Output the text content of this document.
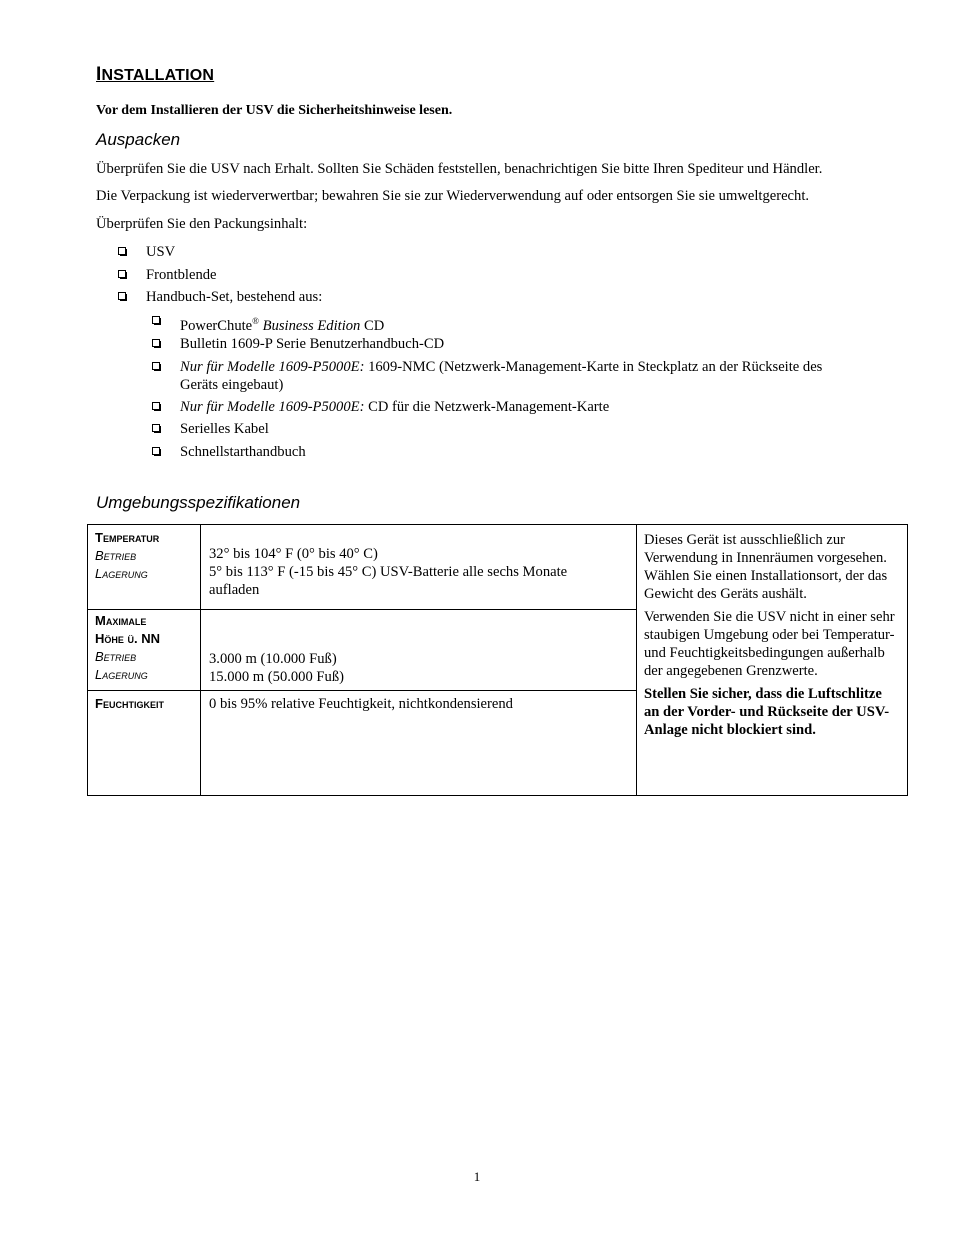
INSTALLATION

Vor dem Installieren der USV die Sicherheitshinweise lesen.

Auspacken

Überprüfen Sie die USV nach Erhalt. Sollten Sie Schäden feststellen, benachrichtigen Sie bitte Ihren Spediteur und Händler.

Die Verpackung ist wiederverwertbar; bewahren Sie sie zur Wiederverwendung auf oder entsorgen Sie sie umweltgerecht.

Überprüfen Sie den Packungsinhalt:

USV
Frontblende
Handbuch-Set, bestehend aus:
PowerChute® Business Edition CD
Bulletin 1609-P Serie Benutzerhandbuch-CD
Nur für Modelle 1609-P5000E: 1609-NMC (Netzwerk-Management-Karte in Steckplatz an der Rückseite des
Geräts eingebaut)
Nur für Modelle 1609-P5000E: CD für die Netzwerk-Management-Karte
Serielles Kabel
Schnellstarthandbuch
Umgebungsspezifikationen
Temperatur
Betrieb
Lagerung
32° bis 104° F (0° bis 40° C)
5° bis 113° F (-15 bis 45° C) USV-Batterie alle sechs Monate
aufladen
Maximale
Höhe ü. NN
Betrieb
Lagerung
3.000 m (10.000 Fuß)
15.000 m (50.000 Fuß)
Feuchtigkeit	0 bis 95% relative Feuchtigkeit, nichtkondensierend

Dieses Gerät ist ausschließlich zur Verwendung in Innenräumen vorgesehen. Wählen Sie einen Installationsort, der das Gewicht des Geräts aushält.

Verwenden Sie die USV nicht in einer sehr staubigen Umgebung oder bei Temperatur- und Feuchtigkeitsbedingungen außerhalb der angegebenen Grenzwerte.

Stellen Sie sicher, dass die Luftschlitze an der Vorder- und Rückseite der USV-Anlage nicht blockiert sind.

1
